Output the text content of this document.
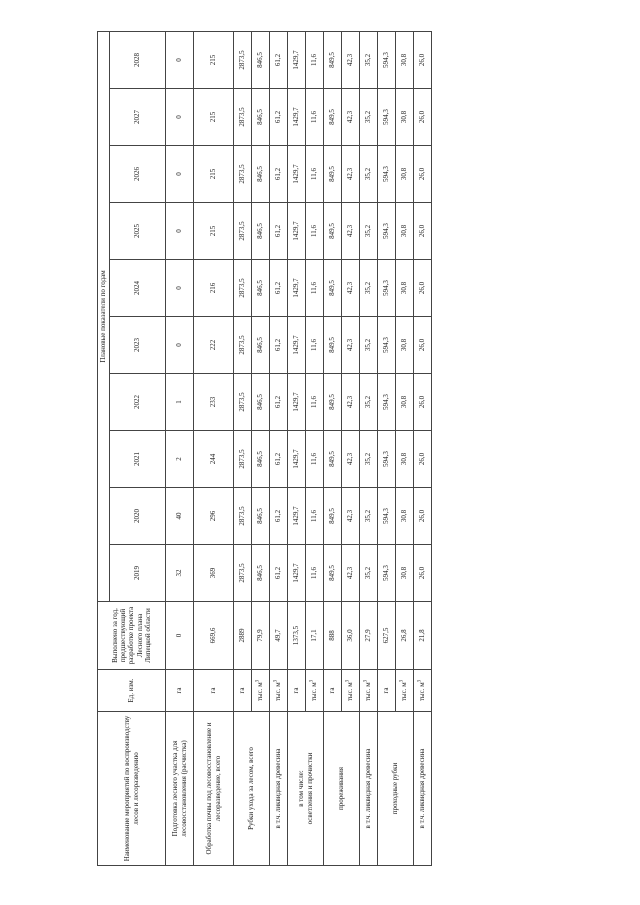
Наименование мероприятий по воспроизводству лесов и лесоразведению	Ед. изм.	Выполнено за год, предшествующий разработке проекта Лесного плана Липецкой области	Плановые показатели по годам									
			2019	2020	2021	2022	2023	2024	2025	2026	2027	2028
Подготовка лесного участка для лесовосстановления (расчистка)	га	0	32	40	2	1	0	0	0	0	0	0
Обработка почвы под лесовосстановление и лесоразведение, всего	га	669,6	369	296	244	233	222	216	215	215	215	215
Рубки ухода за лесом, всего	га	2889	2873,5	2873,5	2873,5	2873,5	2873,5	2873,5	2873,5	2873,5	2873,5	2873,5
	тыс. $м^3$	79,9	846,5	846,5	846,5	846,5	846,5	846,5	846,5	846,5	846,5	846,5
в т.ч. ликвидная древесина	тыс. $м^3$	49,7	61,2	61,2	61,2	61,2	61,2	61,2	61,2	61,2	61,2	61,2
в том числе:
осветления и прочистки	га	1373,5	1429,7	1429,7	1429,7	1429,7	1429,7	1429,7	1429,7	1429,7	1429,7	1429,7
	тыс. $м^3$	17,1	11,6	11,6	11,6	11,6	11,6	11,6	11,6	11,6	11,6	11,6
прореживания	га	888	849,5	849,5	849,5	849,5	849,5	849,5	849,5	849,5	849,5	849,5
	тыс. $м^3$	36,0	42,3	42,3	42,3	42,3	42,3	42,3	42,3	42,3	42,3	42,3
в т.ч. ликвидная древесина	тыс. $м^3$	27,9	35,2	35,2	35,2	35,2	35,2	35,2	35,2	35,2	35,2	35,2
проходные рубки	га	627,5	594,3	594,3	594,3	594,3	594,3	594,3	594,3	594,3	594,3	594,3
	тыс. $м^3$	26,8	30,8	30,8	30,8	30,8	30,8	30,8	30,8	30,8	30,8	30,8
в т.ч. ликвидная древесина	тыс. $м^3$	21,8	26,0	26,0	26,0	26,0	26,0	26,0	26,0	26,0	26,0	26,0
